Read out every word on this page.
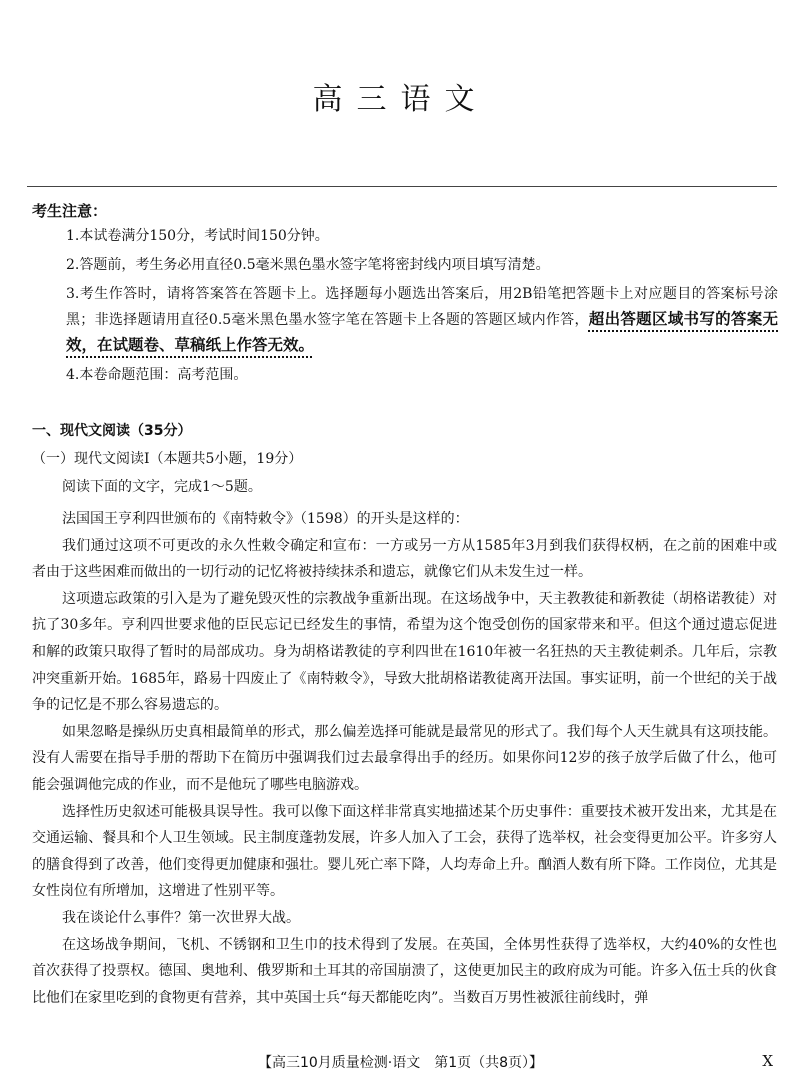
高三语文
考生注意：

1.本试卷满分150分，考试时间150分钟。

2.答题前，考生务必用直径0.5毫米黑色墨水签字笔将密封线内项目填写清楚。

3.考生作答时，请将答案答在答题卡上。选择题每小题选出答案后，用2B铅笔把答题卡上对应题目的答案标号涂黑；非选择题请用直径0.5毫米黑色墨水签字笔在答题卡上各题的答题区域内作答，超出答题区域书写的答案无效，在试题卷、草稿纸上作答无效。

4.本卷命题范围：高考范围。

一、现代文阅读（35分）
（一）现代文阅读Ⅰ（本题共5小题，19分）
阅读下面的文字，完成1～5题。

法国国王亨利四世颁布的《南特敕令》（1598）的开头是这样的：

我们通过这项不可更改的永久性敕令确定和宣布：一方或另一方从1585年3月到我们获得权柄，在之前的困难中或者由于这些困难而做出的一切行动的记忆将被持续抹杀和遗忘，就像它们从未发生过一样。

这项遗忘政策的引入是为了避免毁灭性的宗教战争重新出现。在这场战争中，天主教教徒和新教徒（胡格诺教徒）对抗了30多年。亨利四世要求他的臣民忘记已经发生的事情，希望为这个饱受创伤的国家带来和平。但这个通过遗忘促进和解的政策只取得了暂时的局部成功。身为胡格诺教徒的亨利四世在1610年被一名狂热的天主教徒刺杀。几年后，宗教冲突重新开始。1685年，路易十四废止了《南特敕令》，导致大批胡格诺教徒离开法国。事实证明，前一个世纪的关于战争的记忆是不那么容易遗忘的。

如果忽略是操纵历史真相最简单的形式，那么偏差选择可能就是最常见的形式了。我们每个人天生就具有这项技能。没有人需要在指导手册的帮助下在简历中强调我们过去最拿得出手的经历。如果你问12岁的孩子放学后做了什么，他可能会强调他完成的作业，而不是他玩了哪些电脑游戏。

选择性历史叙述可能极具误导性。我可以像下面这样非常真实地描述某个历史事件：重要技术被开发出来，尤其是在交通运输、餐具和个人卫生领域。民主制度蓬勃发展，许多人加入了工会，获得了选举权，社会变得更加公平。许多穷人的膳食得到了改善，他们变得更加健康和强壮。婴儿死亡率下降，人均寿命上升。酗酒人数有所下降。工作岗位，尤其是女性岗位有所增加，这增进了性别平等。

我在谈论什么事件？第一次世界大战。

在这场战争期间，飞机、不锈钢和卫生巾的技术得到了发展。在英国，全体男性获得了选举权，大约40%的女性也首次获得了投票权。德国、奥地利、俄罗斯和土耳其的帝国崩溃了，这使更加民主的政府成为可能。许多入伍士兵的伙食比他们在家里吃到的食物更有营养，其中英国士兵“每天都能吃肉”。当数百万男性被派往前线时，弹

【高三10月质量检测·语文　第1页（共8页）】	X
